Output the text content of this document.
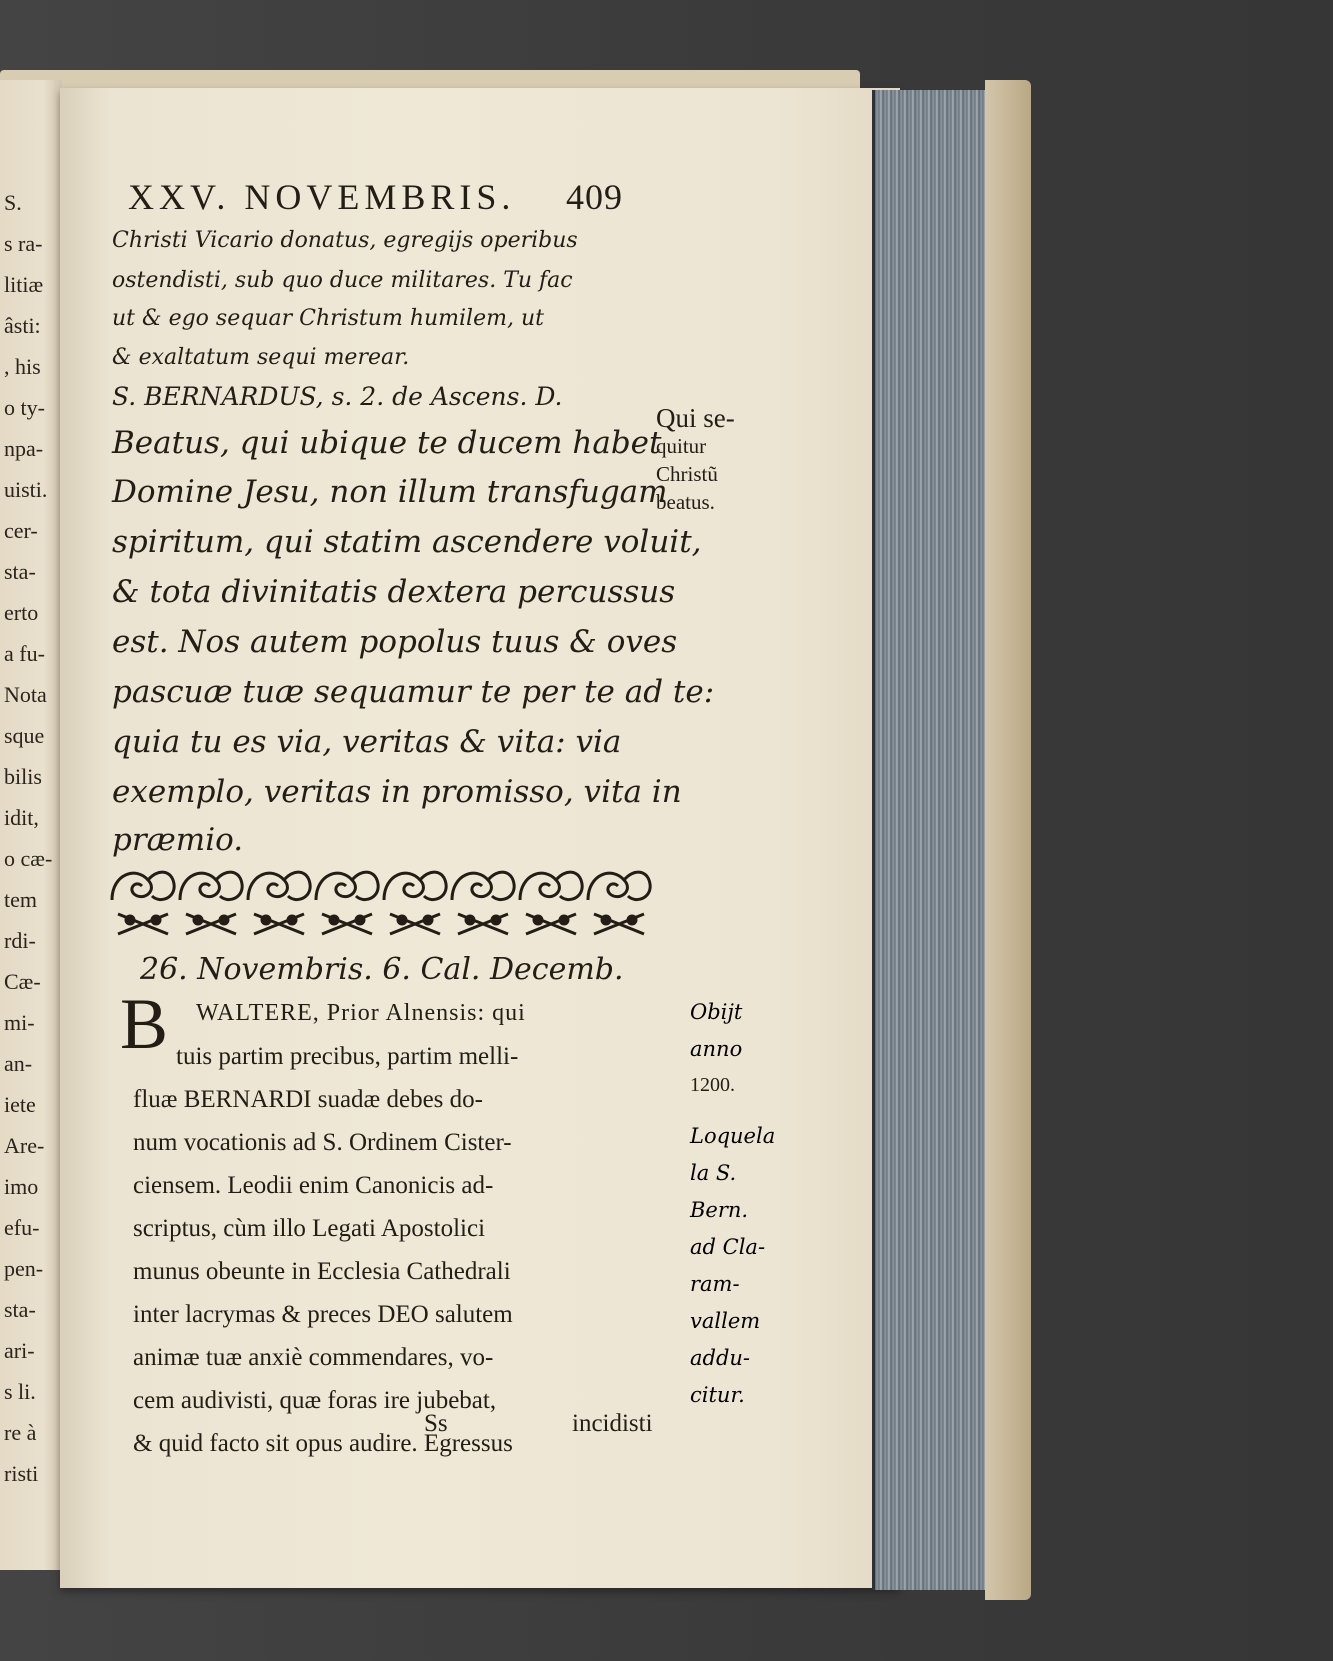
S.
s ra-
litiæ
âsti:
, his
o ty-
npa-
uisti.
cer-
sta-
erto
a fu-
Nota
sque
bilis
idit,
o cæ-
tem
rdi-
Cæ-
mi-
an-
iete
Are-
imo
efu-
pen-
sta-
ari-
s li.
re à
risti
XXV. NOVEMBRIS. 409
Christi Vicario donatus, egregijs operibus
ostendisti, sub quo duce militares. Tu fac
ut & ego sequar Christum humilem, ut
& exaltatum sequi merear.
S. BERNARDUS, s. 2. de Ascens. D.
Beatus, qui ubique te ducem habet
Domine Jesu, non illum transfugam
spiritum, qui statim ascendere voluit,
& tota divinitatis dextera percussus
est. Nos autem popolus tuus & oves
pascuæ tuæ sequamur te per te ad te:
quia tu es via, veritas & vita: via
exemplo, veritas in promisso, vita in
præmio.
Qui se-
quitur
Christũ
beatus.
26. Novembris. 6. Cal. Decemb.
B WALTERE, Prior Alnensis: qui
tuis partim precibus, partim melli-
fluæ BERNARDI suadæ debes do-
num vocationis ad S. Ordinem Cister-
ciensem. Leodii enim Canonicis ad-
scriptus, cùm illo Legati Apostolici
munus obeunte in Ecclesia Cathedrali
inter lacrymas & preces DEO salutem
animæ tuæ anxiè commendares, vo-
cem audivisti, quæ foras ire jubebat,
& quid facto sit opus audire. Egressus
Obijt
anno
1200.
Loquela
la S.
Bern.
ad Cla-
ram-
vallem
addu-
citur.
Ss	incidisti
